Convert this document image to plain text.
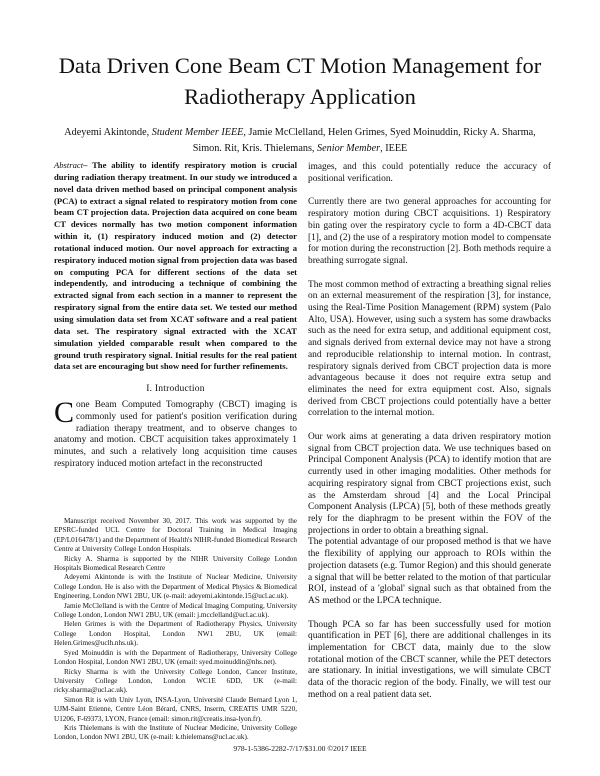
Data Driven Cone Beam CT Motion Management for Radiotherapy Application
Adeyemi Akintonde, Student Member IEEE, Jamie McClelland, Helen Grimes, Syed Moinuddin, Ricky A. Sharma,
Simon. Rit, Kris. Thielemans, Senior Member, IEEE

Abstract– The ability to identify respiratory motion is crucial during radiation therapy treatment. In our study we introduced a novel data driven method based on principal component analysis (PCA) to extract a signal related to respiratory motion from cone beam CT projection data. Projection data acquired on cone beam CT devices normally has two motion component information within it, (1) respiratory induced motion and (2) detector rotational induced motion. Our novel approach for extracting a respiratory induced motion signal from projection data was based on computing PCA for different sections of the data set independently, and introducing a technique of combining the extracted signal from each section in a manner to represent the respiratory signal from the entire data set. We tested our method using simulation data set from XCAT software and a real patient data set. The respiratory signal extracted with the XCAT simulation yielded comparable result when compared to the ground truth respiratory signal. Initial results for the real patient data set are encouraging but show need for further refinements.

I. Introduction

Cone Beam Computed Tomography (CBCT) imaging is commonly used for patient's position verification during radiation therapy treatment, and to observe changes to anatomy and motion. CBCT acquisition takes approximately 1 minutes, and such a relatively long acquisition time causes respiratory induced motion artefact in the reconstructed

Manuscript received November 30, 2017. This work was supported by the EPSRC-funded UCL Centre for Doctoral Training in Medical Imaging (EP/L016478/1) and the Department of Health's NIHR-funded Biomedical Research Centre at University College London Hospitals.

Ricky A. Sharma is supported by the NIHR University College London Hospitals Biomedical Research Centre

Adeyemi Akintonde is with the Institute of Nuclear Medicine, University College London. He is also with the Department of Medical Physics & Biomedical Engineering, London NW1 2BU, UK (e-mail: adeyemi.akintonde.15@ucl.ac.uk).

Jamie McClelland is with the Centre of Medical Imaging Computing, University College London, London NW1 2BU, UK (email: j.mcclelland@ucl.ac.uk).

Helen Grimes is with the Department of Radiotherapy Physics, University College London Hospital, London NW1 2BU, UK (email: Helen.Grimes@uclh.nhs.uk).

Syed Moinuddin is with the Department of Radiotherapy, University College London Hospital, London NW1 2BU, UK (email: syed.moinuddin@nhs.net).

Ricky Sharma is with the University College London, Cancer Institute, University College London, London WC1E 6DD, UK (e-mail: ricky.sharma@ucl.ac.uk).

Simon Rit is with Univ Lyon, INSA-Lyon, Université Claude Bernard Lyon 1, UJM-Saint Etienne, Centre Léon Bérard, CNRS, Inserm, CREATIS UMR 5220, U1206, F-69373, LYON, France (email: simon.rit@creatis.insa-lyon.fr).

Kris Thielemans is with the Institute of Nuclear Medicine, University College London, London NW1 2BU, UK (e-mail: k.thielemans@ucl.ac.uk).

images, and this could potentially reduce the accuracy of positional verification.

Currently there are two general approaches for accounting for respiratory motion during CBCT acquisitions. 1) Respiratory bin gating over the respiratory cycle to form a 4D-CBCT data [1], and (2) the use of a respiratory motion model to compensate for motion during the reconstruction [2]. Both methods require a breathing surrogate signal.

The most common method of extracting a breathing signal relies on an external measurement of the respiration [3], for instance, using the Real-Time Position Management (RPM) system (Palo Alto, USA). However, using such a system has some drawbacks such as the need for extra setup, and additional equipment cost, and signals derived from external device may not have a strong and reproducible relationship to internal motion. In contrast, respiratory signals derived from CBCT projection data is more advantageous because it does not require extra setup and eliminates the need for extra equipment cost. Also, signals derived from CBCT projections could potentially have a better correlation to the internal motion.

Our work aims at generating a data driven respiratory motion signal from CBCT projection data. We use techniques based on Principal Component Analysis (PCA) to identify motion that are currently used in other imaging modalities. Other methods for acquiring respiratory signal from CBCT projections exist, such as the Amsterdam shroud [4] and the Local Principal Component Analysis (LPCA) [5], both of these methods greatly rely for the diaphragm to be present within the FOV of the projections in order to obtain a breathing signal.

The potential advantage of our proposed method is that we have the flexibility of applying our approach to ROIs within the projection datasets (e.g. Tumor Region) and this should generate a signal that will be better related to the motion of that particular ROI, instead of a 'global' signal such as that obtained from the AS method or the LPCA technique.

Though PCA so far has been successfully used for motion quantification in PET [6], there are additional challenges in its implementation for CBCT data, mainly due to the slow rotational motion of the CBCT scanner, while the PET detectors are stationary. In initial investigations, we will simulate CBCT data of the thoracic region of the body. Finally, we will test our method on a real patient data set.

978-1-5386-2282-7/17/$31.00 ©2017 IEEE
